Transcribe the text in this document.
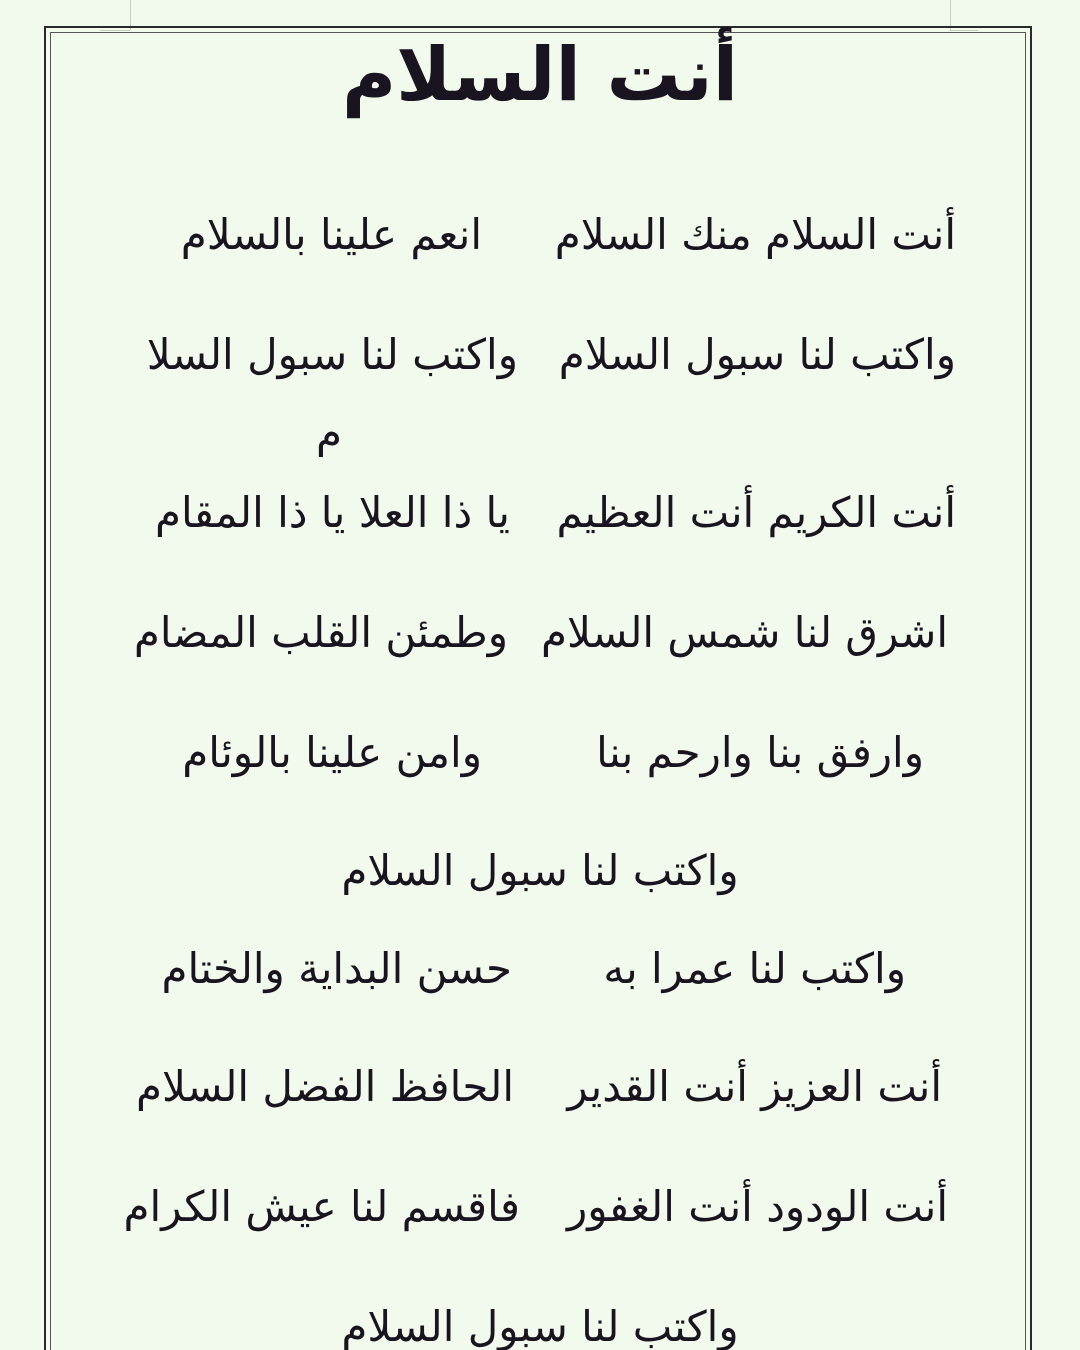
أنت السلام
أنت السلام منك السلام
انعم علينا بالسلام
واكتب لنا سبول السلام
واكتب لنا سبول السلا
م
أنت الكريم أنت العظيم
يا ذا العلا يا ذا المقام
اشرق لنا شمس السلام
وطمئن القلب المضام
وارفق بنا وارحم بنا
وامن علينا بالوئام
واكتب لنا سبول السلام
واكتب لنا عمرا به
حسن البداية والختام
أنت العزيز أنت القدير
الحافظ الفضل السلام
أنت الودود أنت الغفور
فاقسم لنا عيش الكرام
واكتب لنا سبول السلام
